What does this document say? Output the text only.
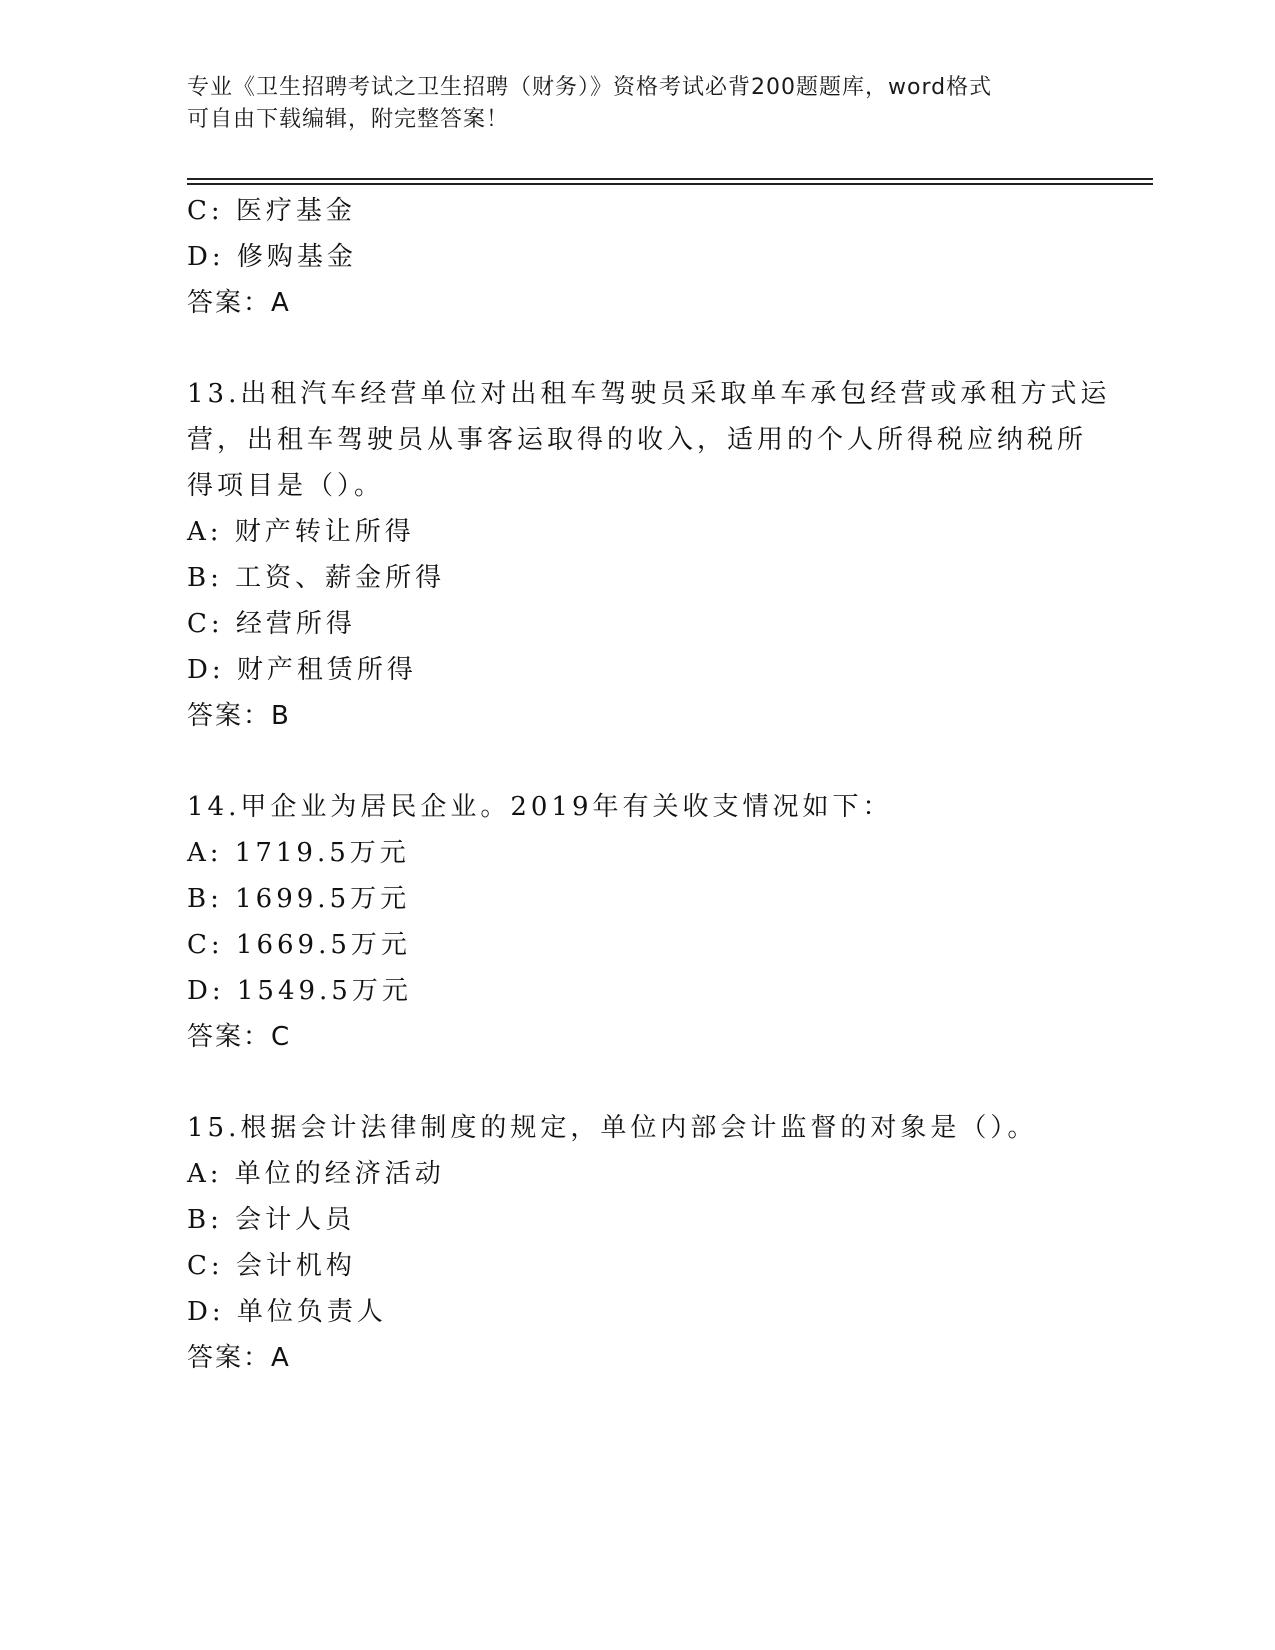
专业《卫生招聘考试之卫生招聘（财务）》资格考试必背200题题库，word格式
可自由下载编辑，附完整答案！
C: 医疗基金
D: 修购基金
答案：A
13.出租汽车经营单位对出租车驾驶员采取单车承包经营或承租方式运
营，出租车驾驶员从事客运取得的收入，适用的个人所得税应纳税所
得项目是（）。
A: 财产转让所得
B: 工资、薪金所得
C: 经营所得
D: 财产租赁所得
答案：B
14.甲企业为居民企业。2019年有关收支情况如下：
A: 1719.5万元
B: 1699.5万元
C: 1669.5万元
D: 1549.5万元
答案：C
15.根据会计法律制度的规定，单位内部会计监督的对象是（）。
A: 单位的经济活动
B: 会计人员
C: 会计机构
D: 单位负责人
答案：A
